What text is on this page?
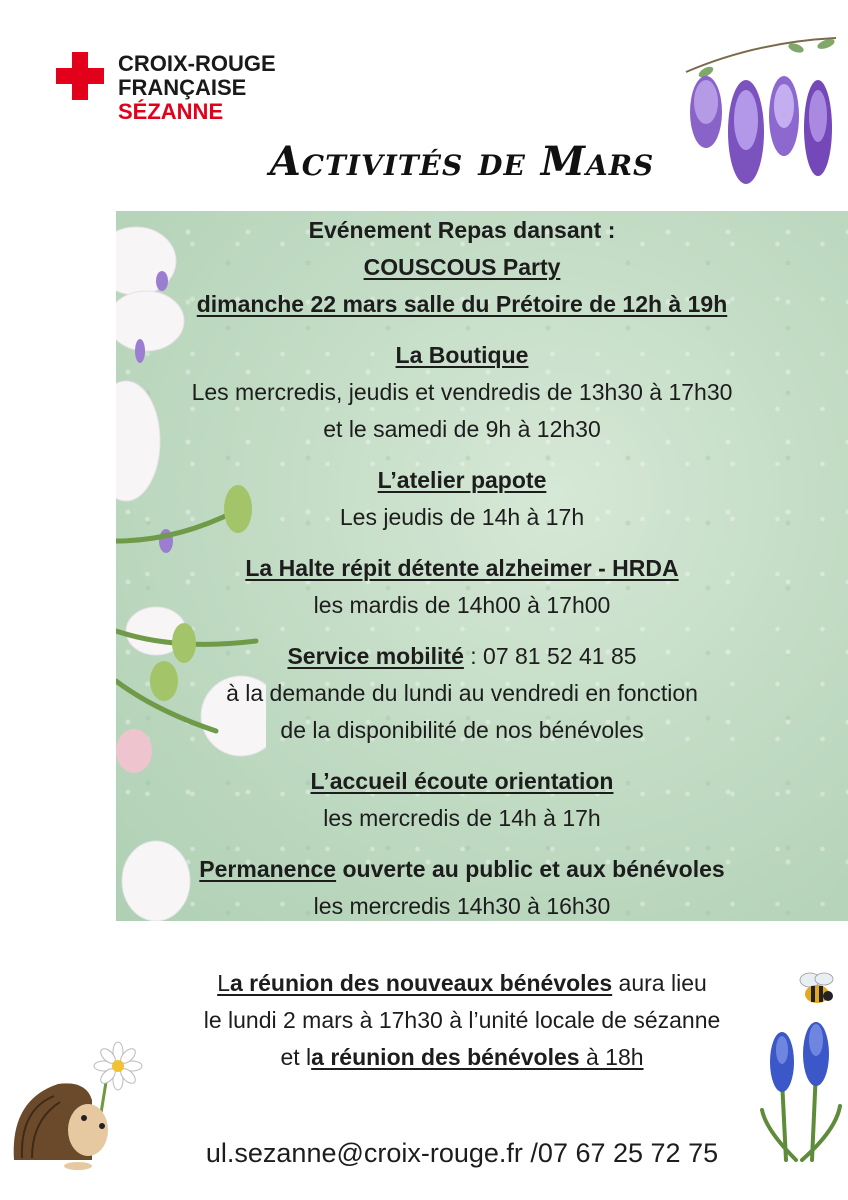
CROIX-ROUGE
FRANÇAISE
SÉZANNE
Activités de Mars

Evénement Repas dansant :

COUSCOUS Party

dimanche 22 mars salle du Prétoire de 12h à 19h

La Boutique

Les mercredis, jeudis et vendredis de 13h30 à 17h30

et le samedi de 9h à 12h30

L’atelier papote

Les jeudis de 14h à 17h

La Halte répit détente alzheimer - HRDA

les mardis de 14h00 à 17h00

Service mobilité : 07 81 52 41 85

à la demande du lundi au vendredi en fonction

de la disponibilité de nos bénévoles

L’accueil écoute orientation

les mercredis de 14h à 17h

Permanence ouverte au public et aux bénévoles

les mercredis 14h30 à 16h30

La réunion des nouveaux bénévoles aura lieu

le lundi 2 mars à 17h30 à l’unité locale de sézanne

et la réunion des bénévoles à 18h

ul.sezanne@croix-rouge.fr /07 67 25 72 75
